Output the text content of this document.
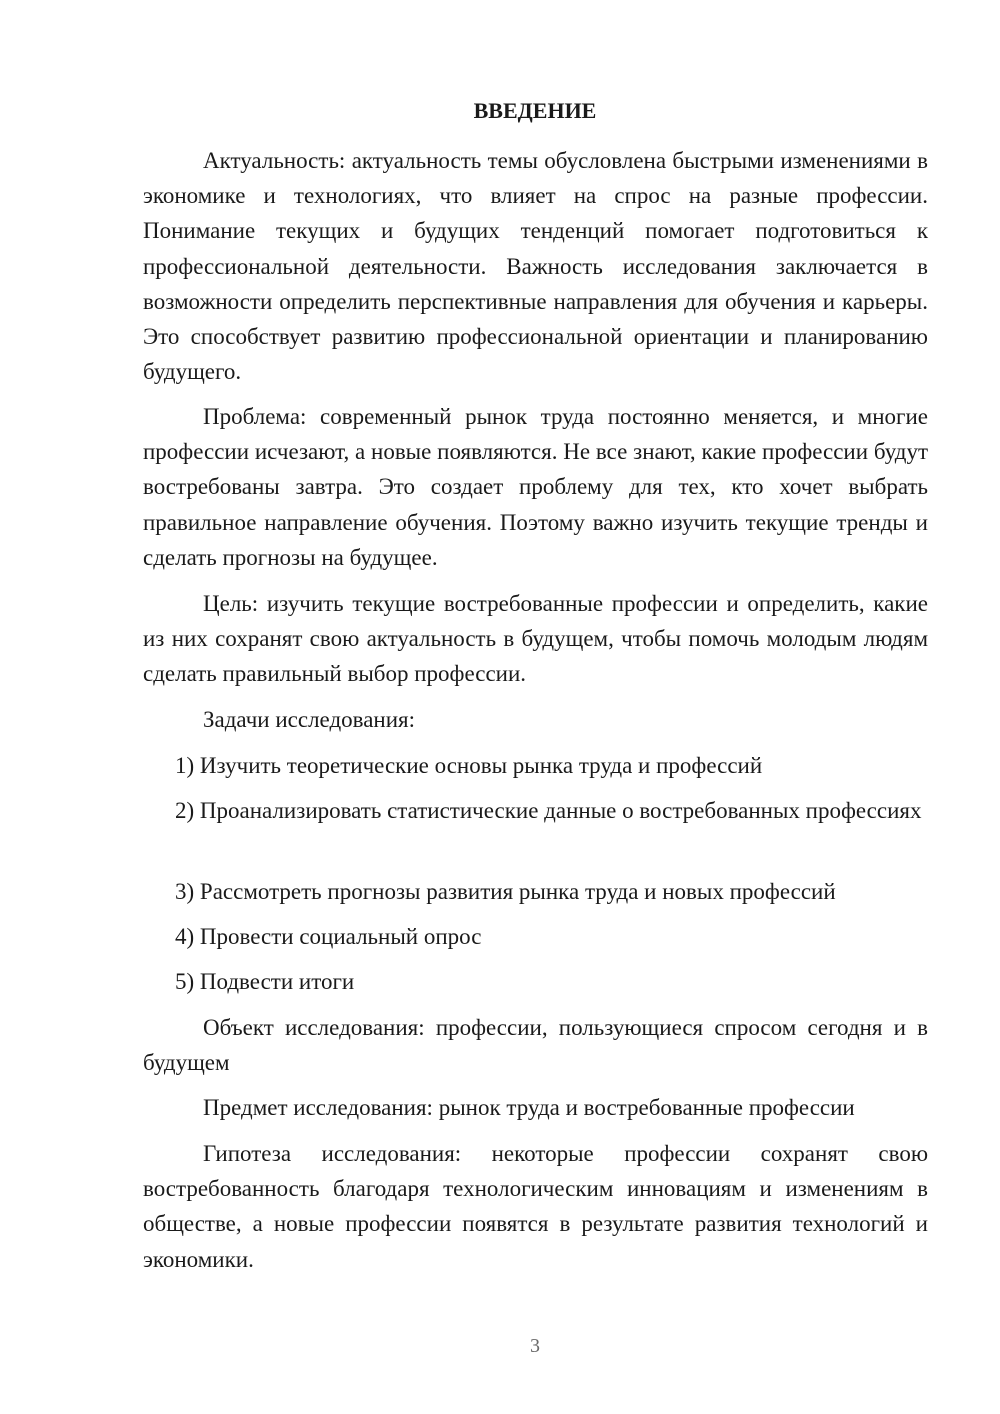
ВВЕДЕНИЕ

Актуальность: актуальность темы обусловлена быстрыми изменениями в экономике и технологиях, что влияет на спрос на разные профессии. Понимание текущих и будущих тенденций помогает подготовиться к профессиональной деятельности. Важность исследования заключается в возможности определить перспективные направления для обучения и карьеры. Это способствует развитию профессиональной ориентации и планированию будущего.

Проблема: современный рынок труда постоянно меняется, и многие профессии исчезают, а новые появляются. Не все знают, какие профессии будут востребованы завтра. Это создает проблему для тех, кто хочет выбрать правильное направление обучения. Поэтому важно изучить текущие тренды и сделать прогнозы на будущее.

Цель: изучить текущие востребованные профессии и определить, какие из них сохранят свою актуальность в будущем, чтобы помочь молодым людям сделать правильный выбор профессии.

Задачи исследования:

1) Изучить теоретические основы рынка труда и профессий

2) Проанализировать статистические данные о востребованных профессиях

3) Рассмотреть прогнозы развития рынка труда и новых профессий

4) Провести социальный опрос

5) Подвести итоги

Объект исследования: профессии, пользующиеся спросом сегодня и в будущем

Предмет исследования: рынок труда и востребованные профессии

Гипотеза исследования: некоторые профессии сохранят свою востребованность благодаря технологическим инновациям и изменениям в обществе, а новые профессии появятся в результате развития технологий и экономики.

3
